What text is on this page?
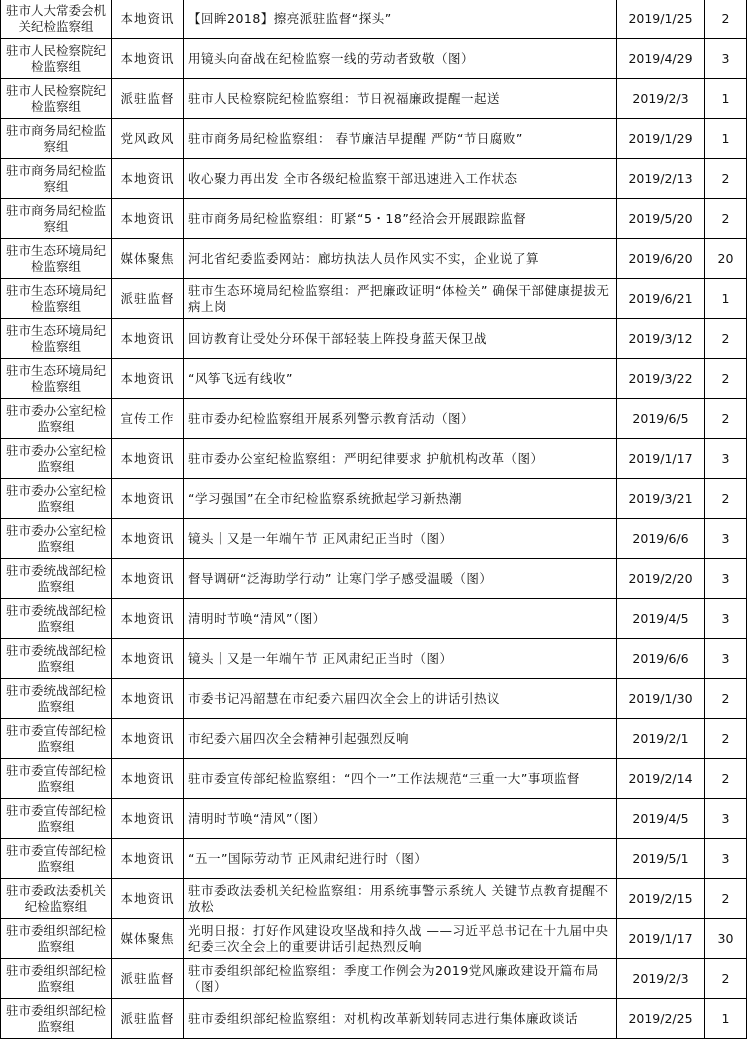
驻市人大常委会机关纪检监察组	本地资讯	【回眸2018】擦亮派驻监督“探头”	2019/1/25	2
驻市人民检察院纪检监察组	本地资讯	用镜头向奋战在纪检监察一线的劳动者致敬（图）	2019/4/29	3
驻市人民检察院纪检监察组	派驻监督	驻市人民检察院纪检监察组：节日祝福廉政提醒一起送	2019/2/3	1
驻市商务局纪检监察组	党风政风	驻市商务局纪检监察组： 春节廉洁早提醒 严防“节日腐败”	2019/1/29	1
驻市商务局纪检监察组	本地资讯	收心聚力再出发 全市各级纪检监察干部迅速进入工作状态	2019/2/13	2
驻市商务局纪检监察组	本地资讯	驻市商务局纪检监察组：盯紧“5・18”经洽会开展跟踪监督	2019/5/20	2
驻市生态环境局纪检监察组	媒体聚焦	河北省纪委监委网站：廊坊执法人员作风实不实，企业说了算	2019/6/20	20
驻市生态环境局纪检监察组	派驻监督	驻市生态环境局纪检监察组：严把廉政证明“体检关” 确保干部健康提拔无病上岗	2019/6/21	1
驻市生态环境局纪检监察组	本地资讯	回访教育让受处分环保干部轻装上阵投身蓝天保卫战	2019/3/12	2
驻市生态环境局纪检监察组	本地资讯	“风筝飞远有线收”	2019/3/22	2
驻市委办公室纪检监察组	宣传工作	驻市委办纪检监察组开展系列警示教育活动（图）	2019/6/5	2
驻市委办公室纪检监察组	本地资讯	驻市委办公室纪检监察组：严明纪律要求 护航机构改革（图）	2019/1/17	3
驻市委办公室纪检监察组	本地资讯	“学习强国”在全市纪检监察系统掀起学习新热潮	2019/3/21	2
驻市委办公室纪检监察组	本地资讯	镜头｜又是一年端午节 正风肃纪正当时（图）	2019/6/6	3
驻市委统战部纪检监察组	本地资讯	督导调研“泛海助学行动” 让寒门学子感受温暖（图）	2019/2/20	3
驻市委统战部纪检监察组	本地资讯	清明时节唤“清风”（图）	2019/4/5	3
驻市委统战部纪检监察组	本地资讯	镜头｜又是一年端午节 正风肃纪正当时（图）	2019/6/6	3
驻市委统战部纪检监察组	本地资讯	市委书记冯韶慧在市纪委六届四次全会上的讲话引热议	2019/1/30	2
驻市委宣传部纪检监察组	本地资讯	市纪委六届四次全会精神引起强烈反响	2019/2/1	2
驻市委宣传部纪检监察组	本地资讯	驻市委宣传部纪检监察组：“四个一”工作法规范“三重一大”事项监督	2019/2/14	2
驻市委宣传部纪检监察组	本地资讯	清明时节唤“清风”（图）	2019/4/5	3
驻市委宣传部纪检监察组	本地资讯	“五一”国际劳动节 正风肃纪进行时（图）	2019/5/1	3
驻市委政法委机关纪检监察组	本地资讯	驻市委政法委机关纪检监察组：用系统事警示系统人 关键节点教育提醒不放松	2019/2/15	2
驻市委组织部纪检监察组	媒体聚焦	光明日报：打好作风建设攻坚战和持久战 ——习近平总书记在十九届中央纪委三次全会上的重要讲话引起热烈反响	2019/1/17	30
驻市委组织部纪检监察组	派驻监督	驻市委组织部纪检监察组：季度工作例会为2019党风廉政建设开篇布局（图）	2019/2/3	2
驻市委组织部纪检监察组	派驻监督	驻市委组织部纪检监察组：对机构改革新划转同志进行集体廉政谈话	2019/2/25	1
